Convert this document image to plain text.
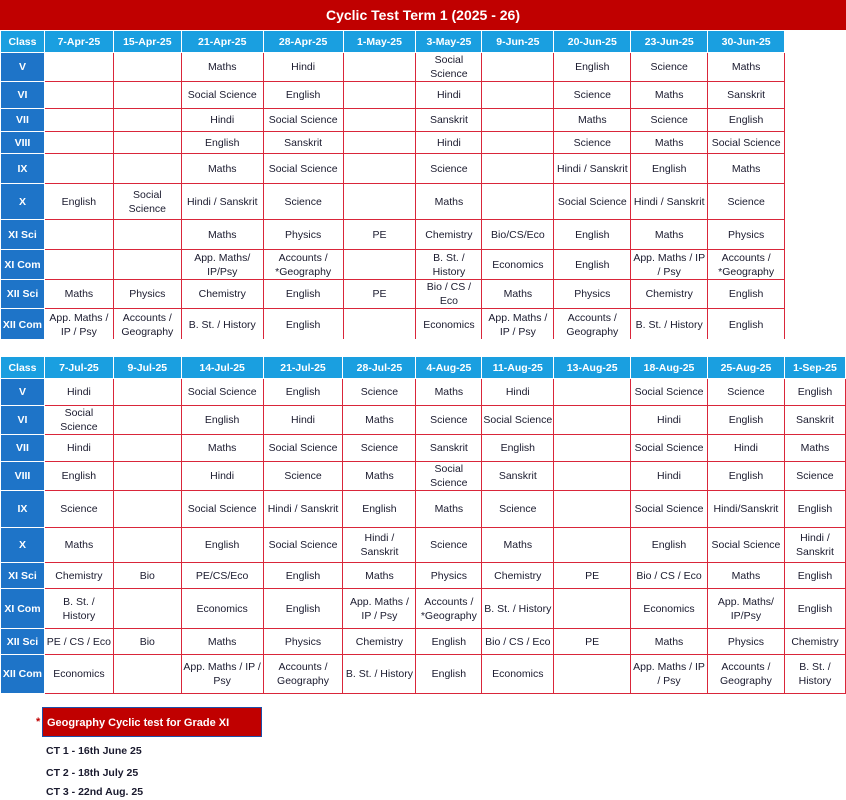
Cyclic Test Term 1 (2025 - 26)
Class	7-Apr-25	15-Apr-25	21-Apr-25	28-Apr-25	1-May-25	3-May-25	9-Jun-25	20-Jun-25	23-Jun-25	30-Jun-25	
V			Maths	Hindi		Social Science		English	Science	Maths	
VI			Social Science	English		Hindi		Science	Maths	Sanskrit	
VII			Hindi	Social Science		Sanskrit		Maths	Science	English	
VIII			English	Sanskrit		Hindi		Science	Maths	Social Science	
IX			Maths	Social Science		Science		Hindi / Sanskrit	English	Maths	
X	English	Social Science	Hindi / Sanskrit	Science		Maths		Social Science	Hindi / Sanskrit	Science	
XI Sci			Maths	Physics	PE	Chemistry	Bio/CS/Eco	English	Maths	Physics	
XI Com			App. Maths/ IP/Psy	Accounts / *Geography		B. St. / History	Economics	English	App. Maths / IP / Psy	Accounts / *Geography	
XII Sci	Maths	Physics	Chemistry	English	PE	Bio / CS / Eco	Maths	Physics	Chemistry	English	
XII Com	App. Maths / IP / Psy	Accounts / Geography	B. St. / History	English		Economics	App. Maths / IP / Psy	Accounts / Geography	B. St. / History	English	
Class	7-Jul-25	9-Jul-25	14-Jul-25	21-Jul-25	28-Jul-25	4-Aug-25	11-Aug-25	13-Aug-25	18-Aug-25	25-Aug-25	1-Sep-25
V	Hindi		Social Science	English	Science	Maths	Hindi		Social Science	Science	English
VI	Social Science		English	Hindi	Maths	Science	Social Science		Hindi	English	Sanskrit
VII	Hindi		Maths	Social Science	Science	Sanskrit	English		Social Science	Hindi	Maths
VIII	English		Hindi	Science	Maths	Social Science	Sanskrit		Hindi	English	Science
IX	Science		Social Science	Hindi / Sanskrit	English	Maths	Science		Social Science	Hindi/Sanskrit	English
X	Maths		English	Social Science	Hindi / Sanskrit	Science	Maths		English	Social Science	Hindi / Sanskrit
XI Sci	Chemistry	Bio	PE/CS/Eco	English	Maths	Physics	Chemistry	PE	Bio / CS / Eco	Maths	English
XI Com	B. St. / History		Economics	English	App. Maths / IP / Psy	Accounts / *Geography	B. St. / History		Economics	App. Maths/ IP/Psy	English
XII Sci	PE / CS / Eco	Bio	Maths	Physics	Chemistry	English	Bio / CS / Eco	PE	Maths	Physics	Chemistry
XII Com	Economics		App. Maths / IP / Psy	Accounts / Geography	B. St. / History	English	Economics		App. Maths / IP / Psy	Accounts / Geography	B. St. / History
* Geography Cyclic test for Grade XI
CT 1 - 16th June 25
CT 2 - 18th July 25
CT 3 - 22nd Aug. 25
